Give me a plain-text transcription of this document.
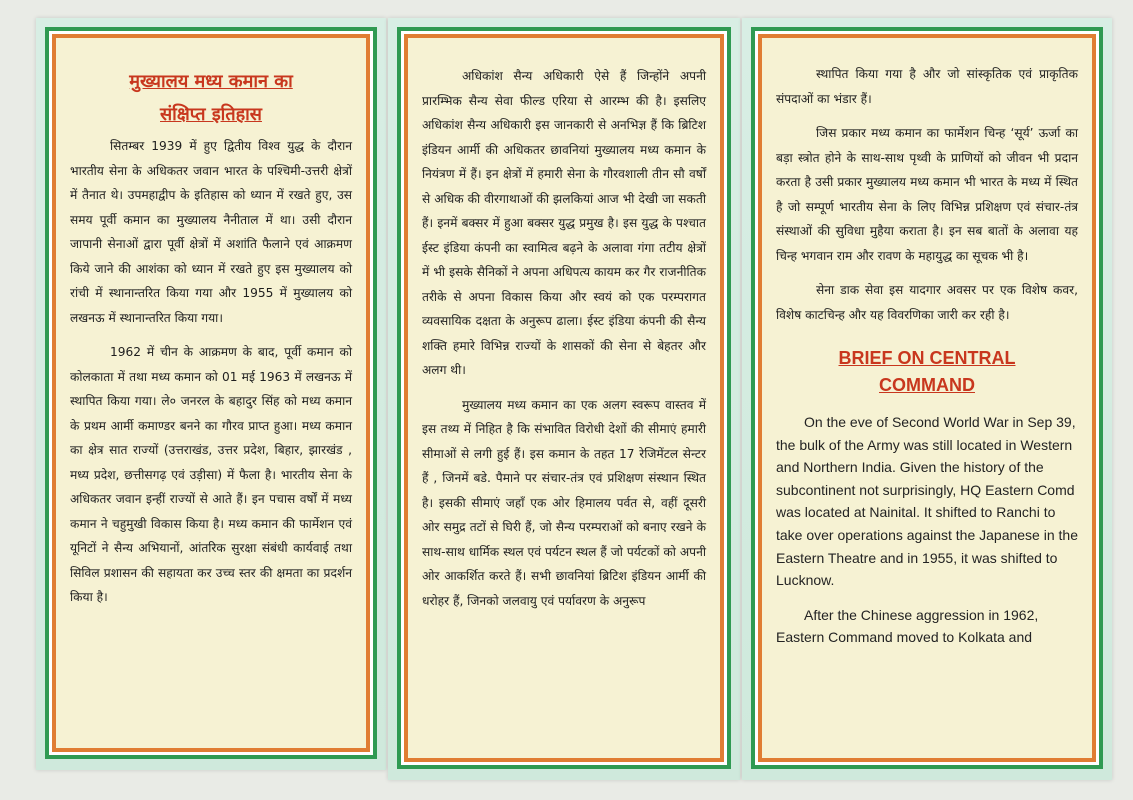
मुख्यालय मध्य कमान का
संक्षिप्त इतिहास

सितम्बर 1939 में हुए द्वितीय विश्व युद्ध के दौरान भारतीय सेना के अधिकतर जवान भारत के पश्चिमी-उत्तरी क्षेत्रों में तैनात थे। उपमहाद्वीप के इतिहास को ध्यान में रखते हुए, उस समय पूर्वी कमान का मुख्यालय नैनीताल में था। उसी दौरान जापानी सेनाओं द्वारा पूर्वी क्षेत्रों में अशांति फैलाने एवं आक्रमण किये जाने की आशंका को ध्यान में रखते हुए इस मुख्यालय को रांची में स्थानान्तरित किया गया और 1955 में मुख्यालय को लखनऊ में स्थानान्तरित किया गया।

1962 में चीन के आक्रमण के बाद, पूर्वी कमान को कोलकाता में तथा मध्य कमान को 01 मई 1963 में लखनऊ में स्थापित किया गया। ले० जनरल के बहादुर सिंह को मध्य कमान के प्रथम आर्मी कमाण्डर बनने का गौरव प्राप्त हुआ। मध्य कमान का क्षेत्र सात राज्यों (उत्तराखंड, उत्तर प्रदेश, बिहार, झारखंड , मध्य प्रदेश, छत्तीसगढ़ एवं उड़ीसा) में फैला है। भारतीय सेना के अधिकतर जवान इन्हीं राज्यों से आते हैं। इन पचास वर्षों में मध्य कमान ने चहुमुखी विकास किया है। मध्य कमान की फार्मेशन एवं यूनिटों ने सैन्य अभियानों, आंतरिक सुरक्षा संबंधी कार्यवाई तथा सिविल प्रशासन की सहायता कर उच्च स्तर की क्षमता का प्रदर्शन किया है।

अधिकांश सैन्य अधिकारी ऐसे हैं जिन्होंने अपनी प्रारम्भिक सैन्य सेवा फील्ड एरिया से आरम्भ की है। इसलिए अधिकांश सैन्य अधिकारी इस जानकारी से अनभिज्ञ हैं कि ब्रिटिश इंडियन आर्मी की अधिकतर छावनियां मुख्यालय मध्य कमान के नियंत्रण में हैं। इन क्षेत्रों में हमारी सेना के गौरवशाली तीन सौ वर्षों से अधिक की वीरगाथाओं की झलकियां आज भी देखी जा सकती हैं। इनमें बक्सर में हुआ बक्सर युद्ध प्रमुख है। इस युद्ध के पश्चात ईस्ट इंडिया कंपनी का स्वामित्व बढ़ने के अलावा गंगा तटीय क्षेत्रों में भी इसके सैनिकों ने अपना अधिपत्य कायम कर गैर राजनीतिक तरीके से अपना विकास किया और स्वयं को एक परम्परागत व्यवसायिक दक्षता के अनुरूप ढाला। ईस्ट इंडिया कंपनी की सैन्य शक्ति हमारे विभिन्न राज्यों के शासकों की सेना से बेहतर और अलग थी।

मुख्यालय मध्य कमान का एक अलग स्वरूप वास्तव में इस तथ्य में निहित है कि संभावित विरोधी देशों की सीमाएं हमारी सीमाओं से लगी हुई हैं। इस कमान के तहत 17 रेजिमेंटल सेन्टर हैं , जिनमें बडे. पैमाने पर संचार-तंत्र एवं प्रशिक्षण संस्थान स्थित है। इसकी सीमाएं जहाँ एक ओर हिमालय पर्वत से, वहीं दूसरी ओर समुद्र तटों से घिरी हैं, जो सैन्य परम्पराओं को बनाए रखने के साथ-साथ धार्मिक स्थल एवं पर्यटन स्थल हैं जो पर्यटकों को अपनी ओर आकर्शित करते हैं। सभी छावनियां ब्रिटिश इंडियन आर्मी की धरोहर हैं, जिनको जलवायु एवं पर्यावरण के अनुरूप

स्थापित किया गया है और जो सांस्कृतिक एवं प्राकृतिक संपदाओं का भंडार हैं।

जिस प्रकार मध्य कमान का फार्मेशन चिन्ह ‘सूर्य’ ऊर्जा का बड़ा स्त्रोत होने के साथ-साथ पृथ्वी के प्राणियों को जीवन भी प्रदान करता है उसी प्रकार मुख्यालय मध्य कमान भी भारत के मध्य में स्थित है जो सम्पूर्ण भारतीय सेना के लिए विभिन्न प्रशिक्षण एवं संचार-तंत्र संस्थाओं की सुविधा मुहैया कराता है। इन सब बातों के अलावा यह चिन्ह भगवान राम और रावण के महायुद्ध का सूचक भी है।

सेना डाक सेवा इस यादगार अवसर पर एक विशेष कवर, विशेष काटचिन्ह और यह विवरणिका जारी कर रही है।

BRIEF ON CENTRAL
COMMAND

On the eve of Second World War in Sep 39, the bulk of the Army was still located in Western and Northern India. Given the history of the subcontinent not surprisingly, HQ Eastern Comd was located at Nainital. It shifted to Ranchi to take over operations against the Japanese in the Eastern Theatre and in 1955, it was shifted to Lucknow.

After the Chinese aggression in 1962, Eastern Command moved to Kolkata and
